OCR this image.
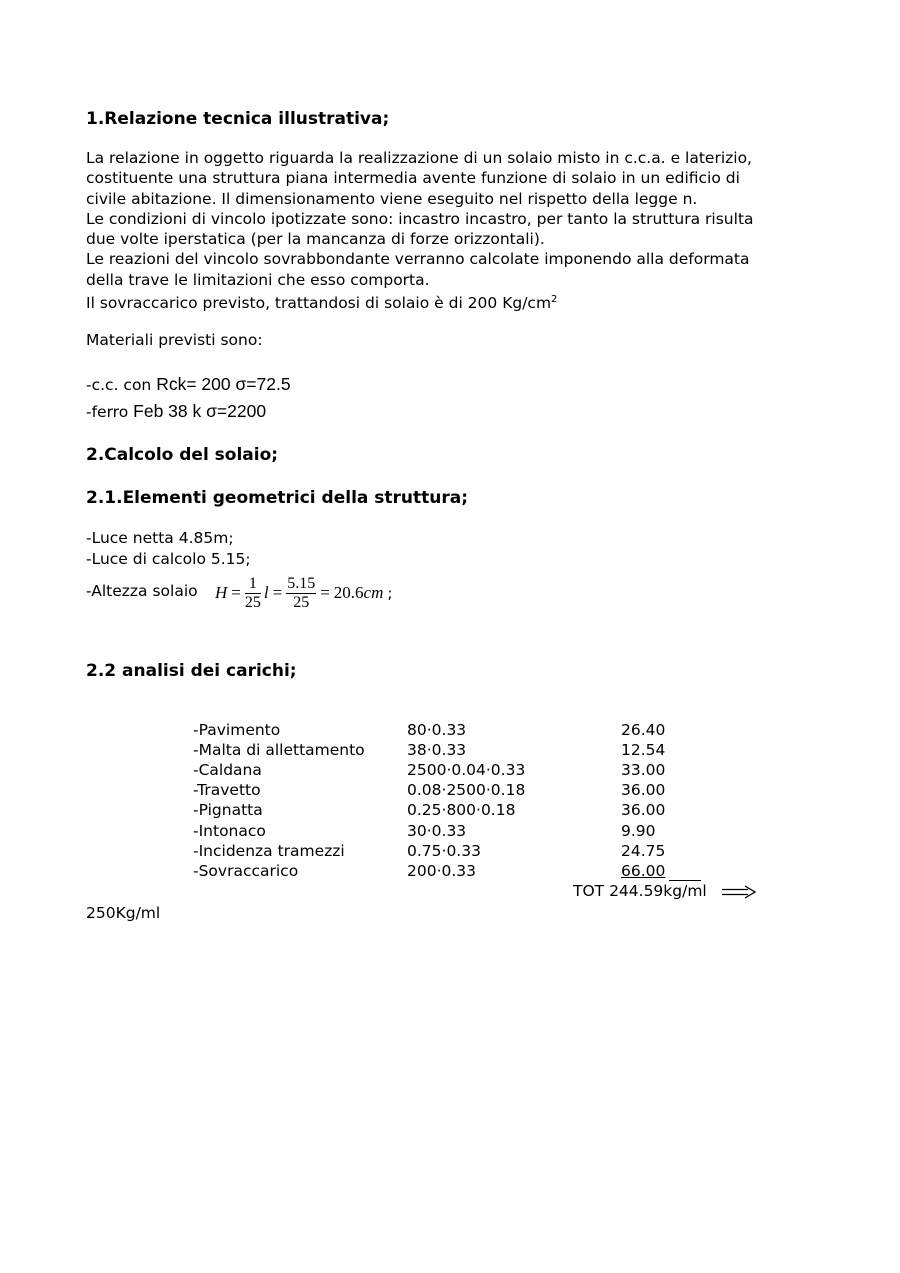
1.Relazione tecnica illustrativa;
La relazione in oggetto riguarda la realizzazione di un solaio misto in c.c.a. e laterizio,
costituente una struttura piana intermedia avente funzione di solaio in un edificio di
civile abitazione. Il dimensionamento viene eseguito nel rispetto della legge n.
Le condizioni di vincolo ipotizzate sono: incastro incastro, per tanto la struttura risulta
due volte iperstatica (per la mancanza di forze orizzontali).
Le reazioni del vincolo sovrabbondante verranno calcolate imponendo alla deformata
della trave le limitazioni che esso comporta.
Il sovraccarico previsto, trattandosi di solaio è di 200 $Kg/cm^2$
Materiali previsti sono:
-c.c. con Rck= 200 σ=72.5
-ferro Feb 38 k σ=2200
2.Calcolo del solaio;
2.1.Elementi geometrici della struttura;
-Luce netta 4.85m;
-Luce di calcolo 5.15;
-Altezza solaio $H = \frac{1}{25}$ $l = \frac{5.15}{25} = 20.6$ cm ;
2.2 analisi dei carichi;
-Pavimento	80·0.33	26.40
-Malta di allettamento	38·0.33	12.54
-Caldana	2500·0.04·0.33	33.00
-Travetto	0.08·2500·0.18	36.00
-Pignatta	0.25·800·0.18	36.00
-Intonaco	30·0.33	9.90
-Incidenza tramezzi	0.75·0.33	24.75
-Sovraccarico	200·0.33	66.00
TOT 244.59kg/ml
250Kg/ml
